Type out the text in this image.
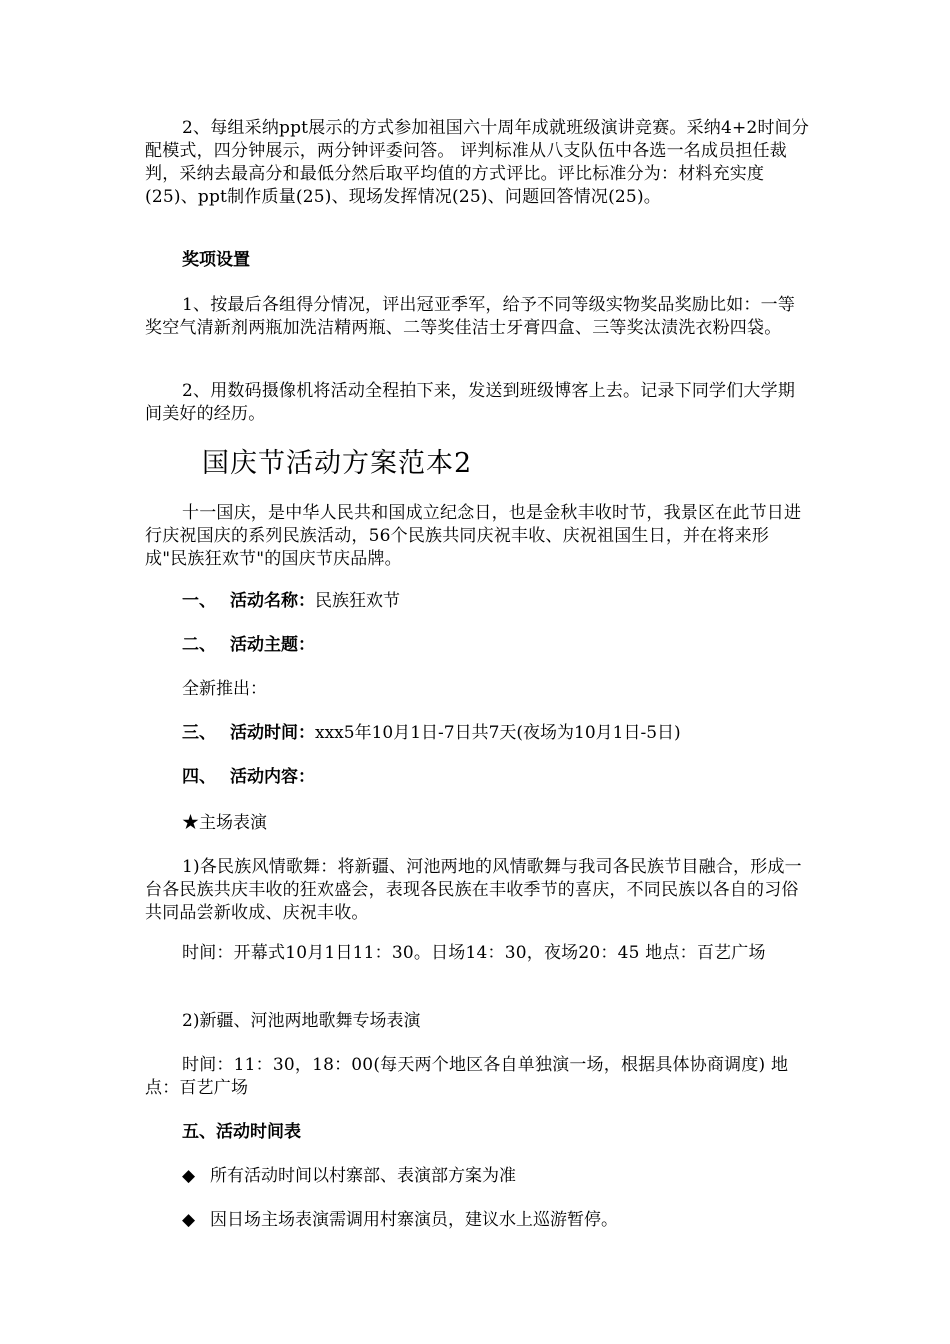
2、每组采纳ppt展示的方式参加祖国六十周年成就班级演讲竞赛。采纳4+2时间分配模式，四分钟展示，两分钟评委问答。 评判标准从八支队伍中各选一名成员担任裁判，采纳去最高分和最低分然后取平均值的方式评比。评比标准分为：材料充实度(25)、ppt制作质量(25)、现场发挥情况(25)、问题回答情况(25)。
奖项设置
1、按最后各组得分情况，评出冠亚季军，给予不同等级实物奖品奖励比如：一等奖空气清新剂两瓶加洗洁精两瓶、二等奖佳洁士牙膏四盒、三等奖汰渍洗衣粉四袋。
2、用数码摄像机将活动全程拍下来，发送到班级博客上去。记录下同学们大学期间美好的经历。
国庆节活动方案范本2
十一国庆，是中华人民共和国成立纪念日，也是金秋丰收时节，我景区在此节日进行庆祝国庆的系列民族活动，56个民族共同庆祝丰收、庆祝祖国生日，并在将来形成"民族狂欢节"的国庆节庆品牌。
一、 活动名称：民族狂欢节
二、 活动主题：
全新推出：
三、 活动时间：xxx5年10月1日-7日共7天(夜场为10月1日-5日)
四、 活动内容：
★主场表演
1)各民族风情歌舞：将新疆、河池两地的风情歌舞与我司各民族节目融合，形成一台各民族共庆丰收的狂欢盛会，表现各民族在丰收季节的喜庆，不同民族以各自的习俗共同品尝新收成、庆祝丰收。
时间：开幕式10月1日11：30。日场14：30，夜场20：45 地点：百艺广场
2)新疆、河池两地歌舞专场表演
时间：11：30，18：00(每天两个地区各自单独演一场，根据具体协商调度) 地点：百艺广场
五、活动时间表
◆ 所有活动时间以村寨部、表演部方案为准
◆ 因日场主场表演需调用村寨演员，建议水上巡游暂停。
